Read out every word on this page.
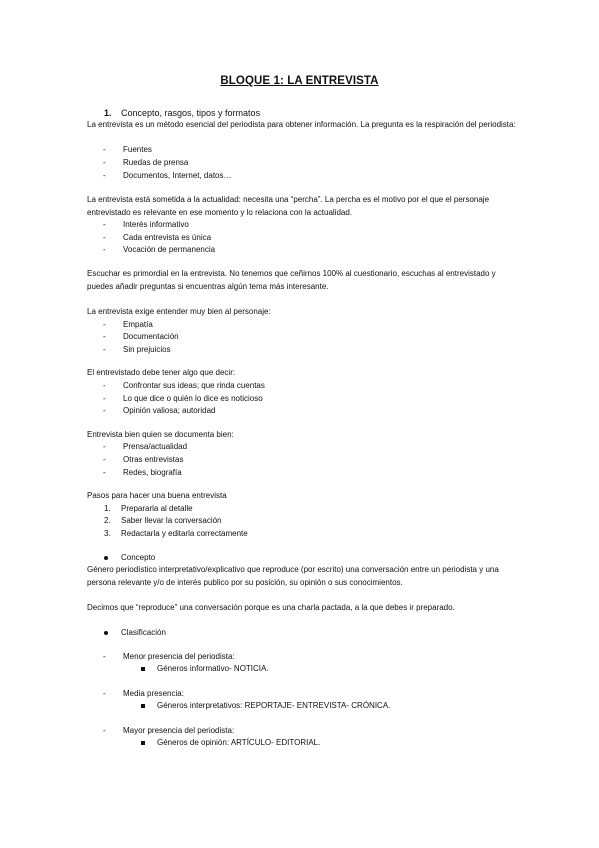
BLOQUE 1: LA ENTREVISTA
1. Concepto, rasgos, tipos y formatos
La entrevista es un método esencial del periodista para obtener información. La pregunta es la respiración del periodista:
- Fuentes
- Ruedas de prensa
- Documentos, Internet, datos…
La entrevista está sometida a la actualidad: necesita una “percha”. La percha es el motivo por el que el personaje entrevistado es relevante en ese momento y lo relaciona con la actualidad.
- Interés informativo
- Cada entrevista es única
- Vocación de permanencia
Escuchar es primordial en la entrevista. No tenemos que ceñirnos 100% al cuestionario, escuchas al entrevistado y puedes añadir preguntas si encuentras algún tema más interesante.
La entrevista exige entender muy bien al personaje:
- Empatía
- Documentación
- Sin prejuicios
El entrevistado debe tener algo que decir:
- Confrontar sus ideas; que rinda cuentas
- Lo que dice o quién lo dice es noticioso
- Opinión valiosa; autoridad
Entrevista bien quien se documenta bien:
- Prensa/actualidad
- Otras entrevistas
- Redes, biografía
Pasos para hacer una buena entrevista
1. Prepararla al detalle
2. Saber llevar la conversación
3. Redactarla y editarla correctamente
Concepto
Género periodístico interpretativo/explicativo que reproduce (por escrito) una conversación entre un periodista y una persona relevante y/o de interés publico por su posición, su opinión o sus conocimientos.
Decimos que “reproduce” una conversación porque es una charla pactada, a la que debes ir preparado.
Clasificación
- Menor presencia del periodista:
Géneros informativo- NOTICIA.
- Media presencia:
Géneros interpretativos: REPORTAJE- ENTREVISTA- CRÓNICA.
- Mayor presencia del periodista:
Géneros de opinión: ARTÍCULO- EDITORIAL.
